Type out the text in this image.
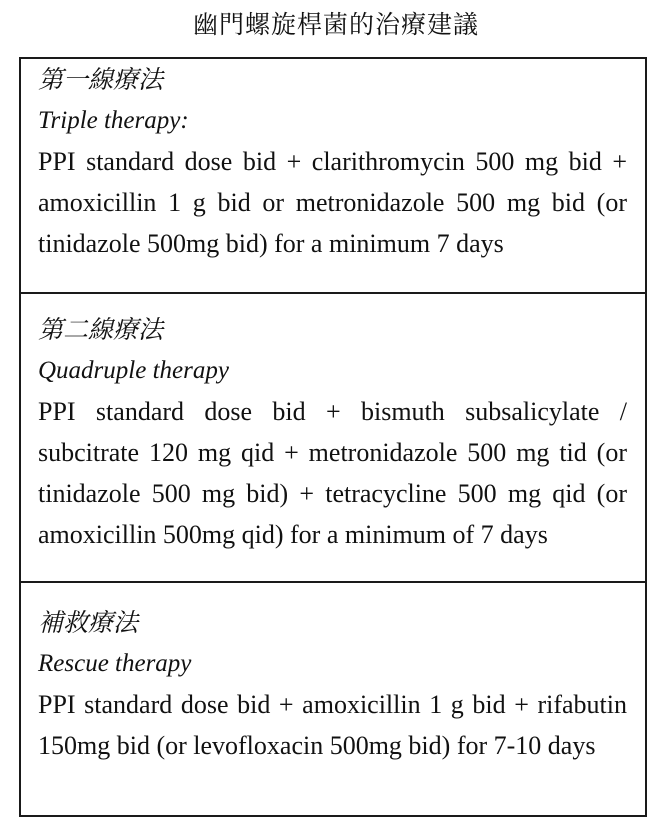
幽門螺旋桿菌的治療建議
第一線療法
Triple therapy:
PPI standard dose bid + clarithromycin 500 mg bid + amoxicillin 1 g bid or metronidazole 500 mg bid (or tinidazole 500mg bid) for a minimum 7 days
第二線療法
Quadruple therapy
PPI standard dose bid + bismuth subsalicylate / subcitrate 120 mg qid + metronidazole 500 mg tid (or tinidazole 500 mg bid) + tetracycline 500 mg qid (or amoxicillin 500mg qid) for a minimum of 7 days
補救療法
Rescue therapy
PPI standard dose bid + amoxicillin 1 g bid + rifabutin 150mg bid (or levofloxacin 500mg bid) for 7-10 days
